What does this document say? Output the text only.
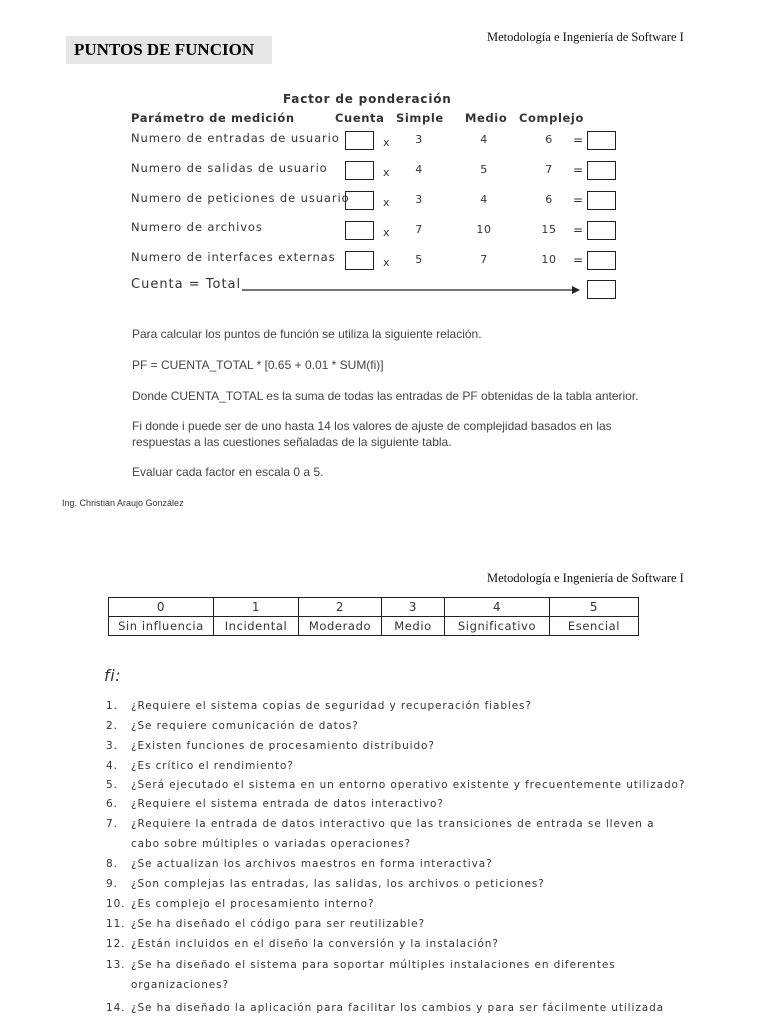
Metodología e Ingeniería de Software I
PUNTOS DE FUNCION
Factor de ponderación
Parámetro de medición	Cuenta Simple Medio Complejo
Numero de entradas de usuario	x	3	4	6	=
Numero de salidas de usuario	x	4	5	7	=
Numero de peticiones de usuario	x	3	4	6	=
Numero de archivos	x	7	10	15	=
Numero de interfaces externas	x	5	7	10	=
Cuenta = Total
Para calcular los puntos de función se utiliza la siguiente relación.
PF = CUENTA_TOTAL * [0.65 + 0.01 * SUM(fi)]
Donde CUENTA_TOTAL es la suma de todas las entradas de PF obtenidas de la tabla anterior.
Fi donde i puede ser de uno hasta 14 los valores de ajuste de complejidad basados en las respuestas a las cuestiones señaladas de la siguiente tabla.
Evaluar cada factor en escala 0 a 5.
Ing. Christian Araujo González
Metodología e Ingeniería de Software I
0	1	2	3	4	5
Sin influencia	Incidental	Moderado	Medio	Significativo	Esencial
fi:
1. ¿Requiere el sistema copias de seguridad y recuperación fiables?
2. ¿Se requiere comunicación de datos?
3. ¿Existen funciones de procesamiento distribuido?
4. ¿Es crítico el rendimiento?
5. ¿Será ejecutado el sistema en un entorno operativo existente y frecuentemente utilizado?
6. ¿Requiere el sistema entrada de datos interactivo?
7. ¿Requiere la entrada de datos interactivo que las transiciones de entrada se lleven a
cabo sobre múltiples o variadas operaciones?
8. ¿Se actualizan los archivos maestros en forma interactiva?
9. ¿Son complejas las entradas, las salidas, los archivos o peticiones?
10. ¿Es complejo el procesamiento interno?
11. ¿Se ha diseñado el código para ser reutilizable?
12. ¿Están incluidos en el diseño la conversión y la instalación?
13. ¿Se ha diseñado el sistema para soportar múltiples instalaciones en diferentes
organizaciones?
14. ¿Se ha diseñado la aplicación para facilitar los cambios y para ser fácilmente utilizada
